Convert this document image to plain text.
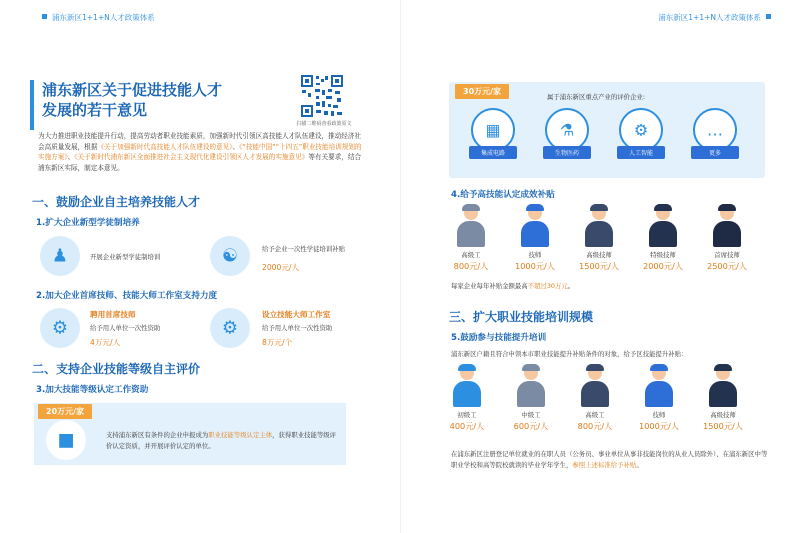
浦东新区1+1+N人才政策体系
浦东新区关于促进技能人才
发展的若干意见
扫描二维码查看政策原文
为大力推进职业技能提升行动，提高劳动者职业技能素质，加强新时代引领区高技能人才队伍建设，推动经济社会高质量发展，根据《关于加强新时代高技能人才队伍建设的意见》、《“技能中国”“十四五”职业技能培训规划的实施方案》、《关于新时代浦东新区全面推进社会主义现代化建设引领区人才发展的实施意见》等有关要求，结合浦东新区实际，制定本意见。
一、鼓励企业自主培养技能人才
1.扩大企业新型学徒制培养
♟	开展企业新型学徒制培训	☯	给予企业一次性学徒培训补贴
2000元/人
2.加大企业首席技师、技能大师工作室支持力度
⚙
聘用首席技师
给予用人单位一次性资助
4万元/人
⚙
设立技能大师工作室
给予用人单位一次性资助
8万元/个
二、支持企业技能等级自主评价
3.加大技能等级认定工作资助
20万元/家
■	支持浦东新区有条件的企业申报成为职业技能等级认定主体，获得职业技能等级评价认定资质，并开展评价认定的单位。
浦东新区1+1+N人才政策体系
30万元/家
属于浦东新区重点产业的评价企业:
▦
集成电路
⚗
生物医药
⚙
人工智能
…
更多
4.给予高技能认定成效补贴
高级工
800元/人
技师
1000元/人
高级技师
1500元/人
特级技师
2000元/人
首席技师
2500元/人
每家企业每年补贴金额最高不超过30万元。
三、扩大职业技能培训规模
5.鼓励参与技能提升培训
浦东新区户籍且符合申领本市职业技能提升补贴条件的对象，给予区技能提升补贴：
初级工
400元/人
中级工
600元/人
高级工
800元/人
技师
1000元/人
高级技师
1500元/人
在浦东新区注册登记单位就业的在职人员（公务员、事业单位从事非技能岗位的从业人员除外）、在浦东新区中等职业学校和高等院校就读的毕业学年学生，参照上述标准给予补贴。
